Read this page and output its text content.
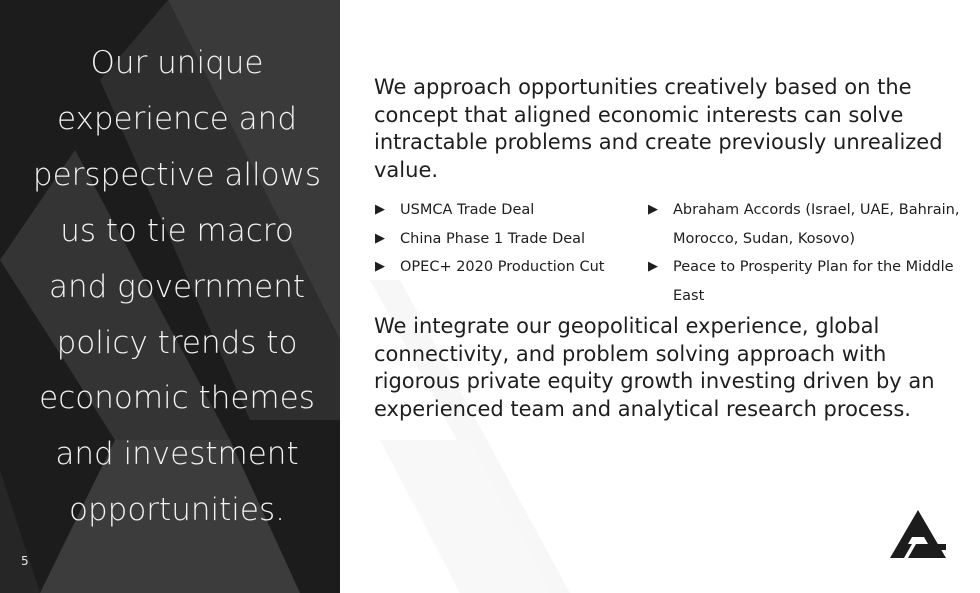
Our unique
experience and
perspective allows
us to tie macro
and government
policy trends to
economic themes
and investment
opportunities.
5
We approach opportunities creatively based on the concept that aligned economic interests can solve intractable problems and create previously unrealized value.
▶ USMCA Trade Deal
▶ China Phase 1 Trade Deal
▶ OPEC+ 2020 Production Cut
▶ Abraham Accords (Israel, UAE, Bahrain, Morocco, Sudan, Kosovo)
▶ Peace to Prosperity Plan for the Middle East
We integrate our geopolitical experience, global connectivity, and problem solving approach with rigorous private equity growth investing driven by an experienced team and analytical research process.
